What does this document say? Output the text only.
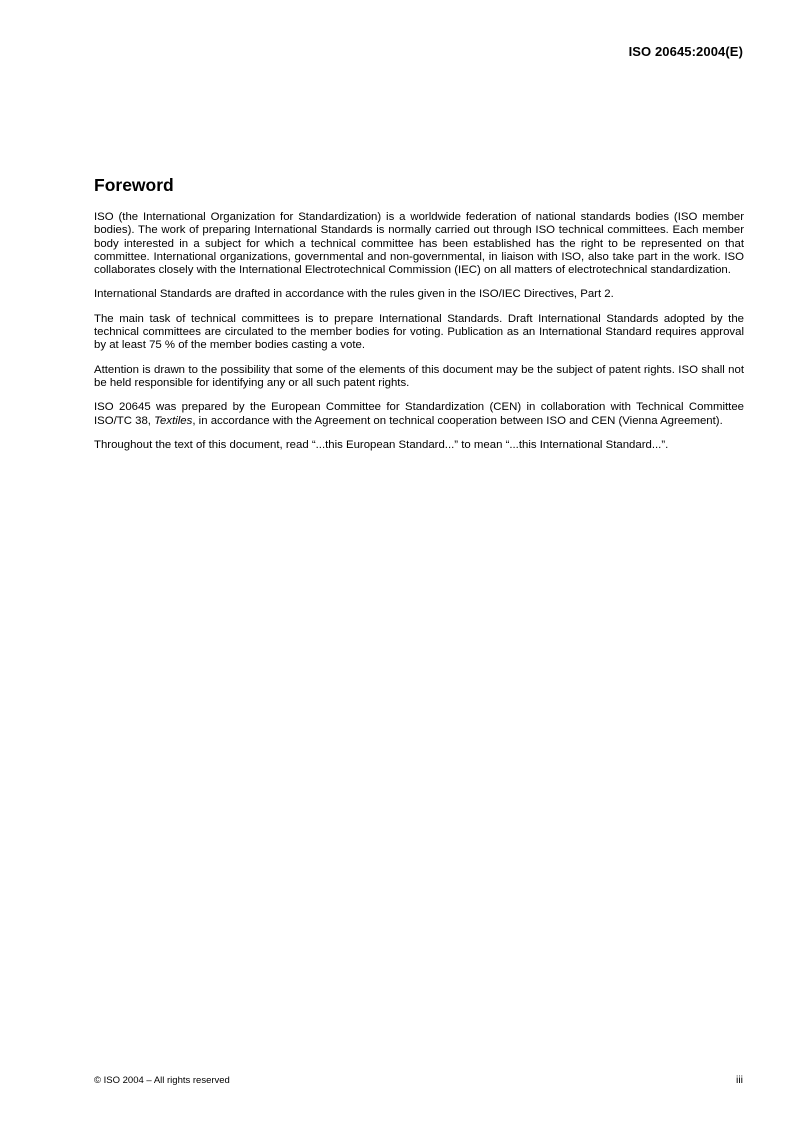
ISO 20645:2004(E)
Foreword

ISO (the International Organization for Standardization) is a worldwide federation of national standards bodies (ISO member bodies). The work of preparing International Standards is normally carried out through ISO technical committees. Each member body interested in a subject for which a technical committee has been established has the right to be represented on that committee. International organizations, governmental and non-governmental, in liaison with ISO, also take part in the work. ISO collaborates closely with the International Electrotechnical Commission (IEC) on all matters of electrotechnical standardization.

International Standards are drafted in accordance with the rules given in the ISO/IEC Directives, Part 2.

The main task of technical committees is to prepare International Standards. Draft International Standards adopted by the technical committees are circulated to the member bodies for voting. Publication as an International Standard requires approval by at least 75 % of the member bodies casting a vote.

Attention is drawn to the possibility that some of the elements of this document may be the subject of patent rights. ISO shall not be held responsible for identifying any or all such patent rights.

ISO 20645 was prepared by the European Committee for Standardization (CEN) in collaboration with Technical Committee ISO/TC 38, Textiles, in accordance with the Agreement on technical cooperation between ISO and CEN (Vienna Agreement).

Throughout the text of this document, read “...this European Standard...” to mean “...this International Standard...”.

© ISO 2004 – All rights reserved	iii
